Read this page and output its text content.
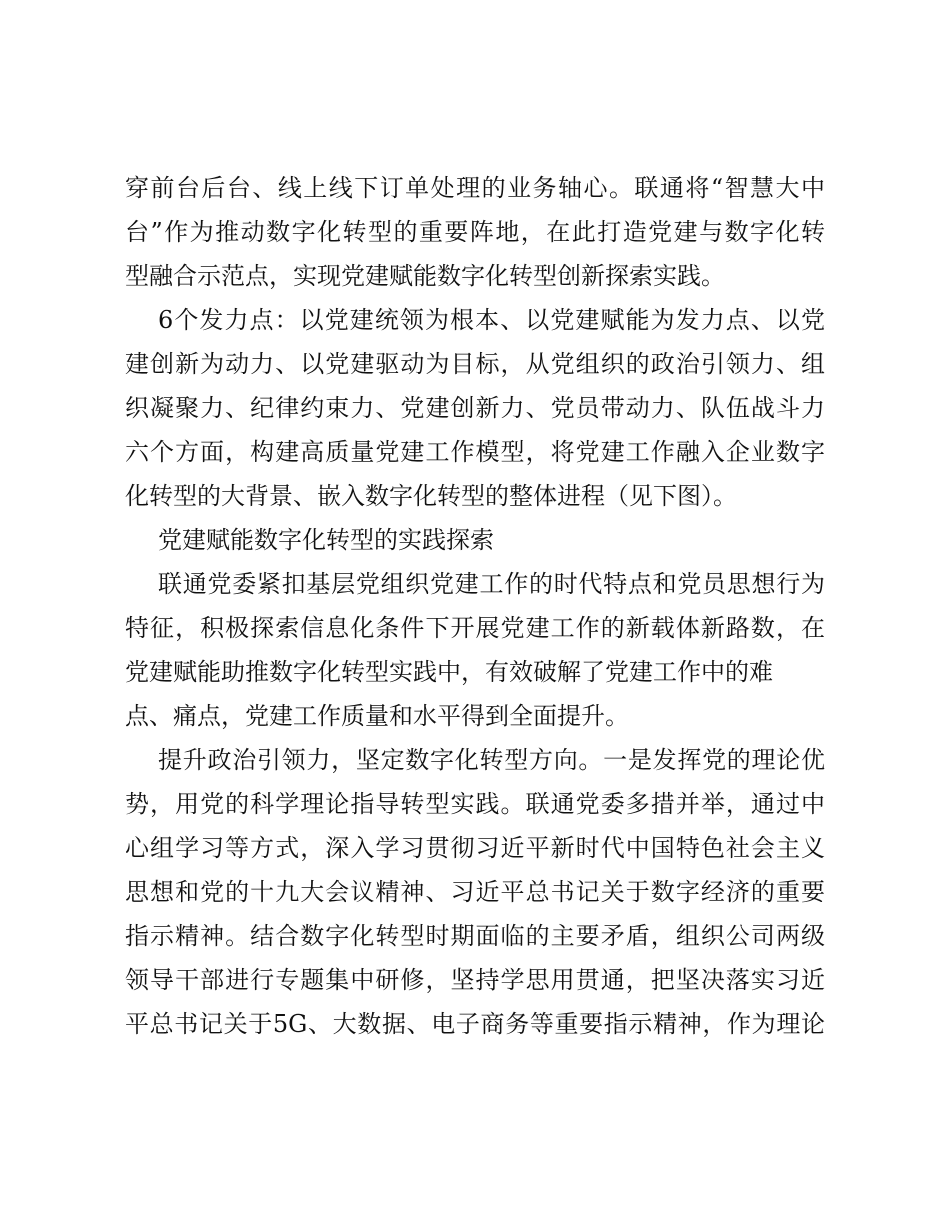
穿前台后台、线上线下订单处理的业务轴心。联通将“智慧大中
台”作为推动数字化转型的重要阵地，在此打造党建与数字化转
型融合示范点，实现党建赋能数字化转型创新探索实践。
6个发力点：以党建统领为根本、以党建赋能为发力点、以党
建创新为动力、以党建驱动为目标，从党组织的政治引领力、组
织凝聚力、纪律约束力、党建创新力、党员带动力、队伍战斗力
六个方面，构建高质量党建工作模型，将党建工作融入企业数字
化转型的大背景、嵌入数字化转型的整体进程（见下图）。
党建赋能数字化转型的实践探索
联通党委紧扣基层党组织党建工作的时代特点和党员思想行为
特征，积极探索信息化条件下开展党建工作的新载体新路数，在
党建赋能助推数字化转型实践中，有效破解了党建工作中的难
点、痛点，党建工作质量和水平得到全面提升。
提升政治引领力，坚定数字化转型方向。一是发挥党的理论优
势，用党的科学理论指导转型实践。联通党委多措并举，通过中
心组学习等方式，深入学习贯彻习近平新时代中国特色社会主义
思想和党的十九大会议精神、习近平总书记关于数字经济的重要
指示精神。结合数字化转型时期面临的主要矛盾，组织公司两级
领导干部进行专题集中研修，坚持学思用贯通，把坚决落实习近
平总书记关于5G、大数据、电子商务等重要指示精神，作为理论
